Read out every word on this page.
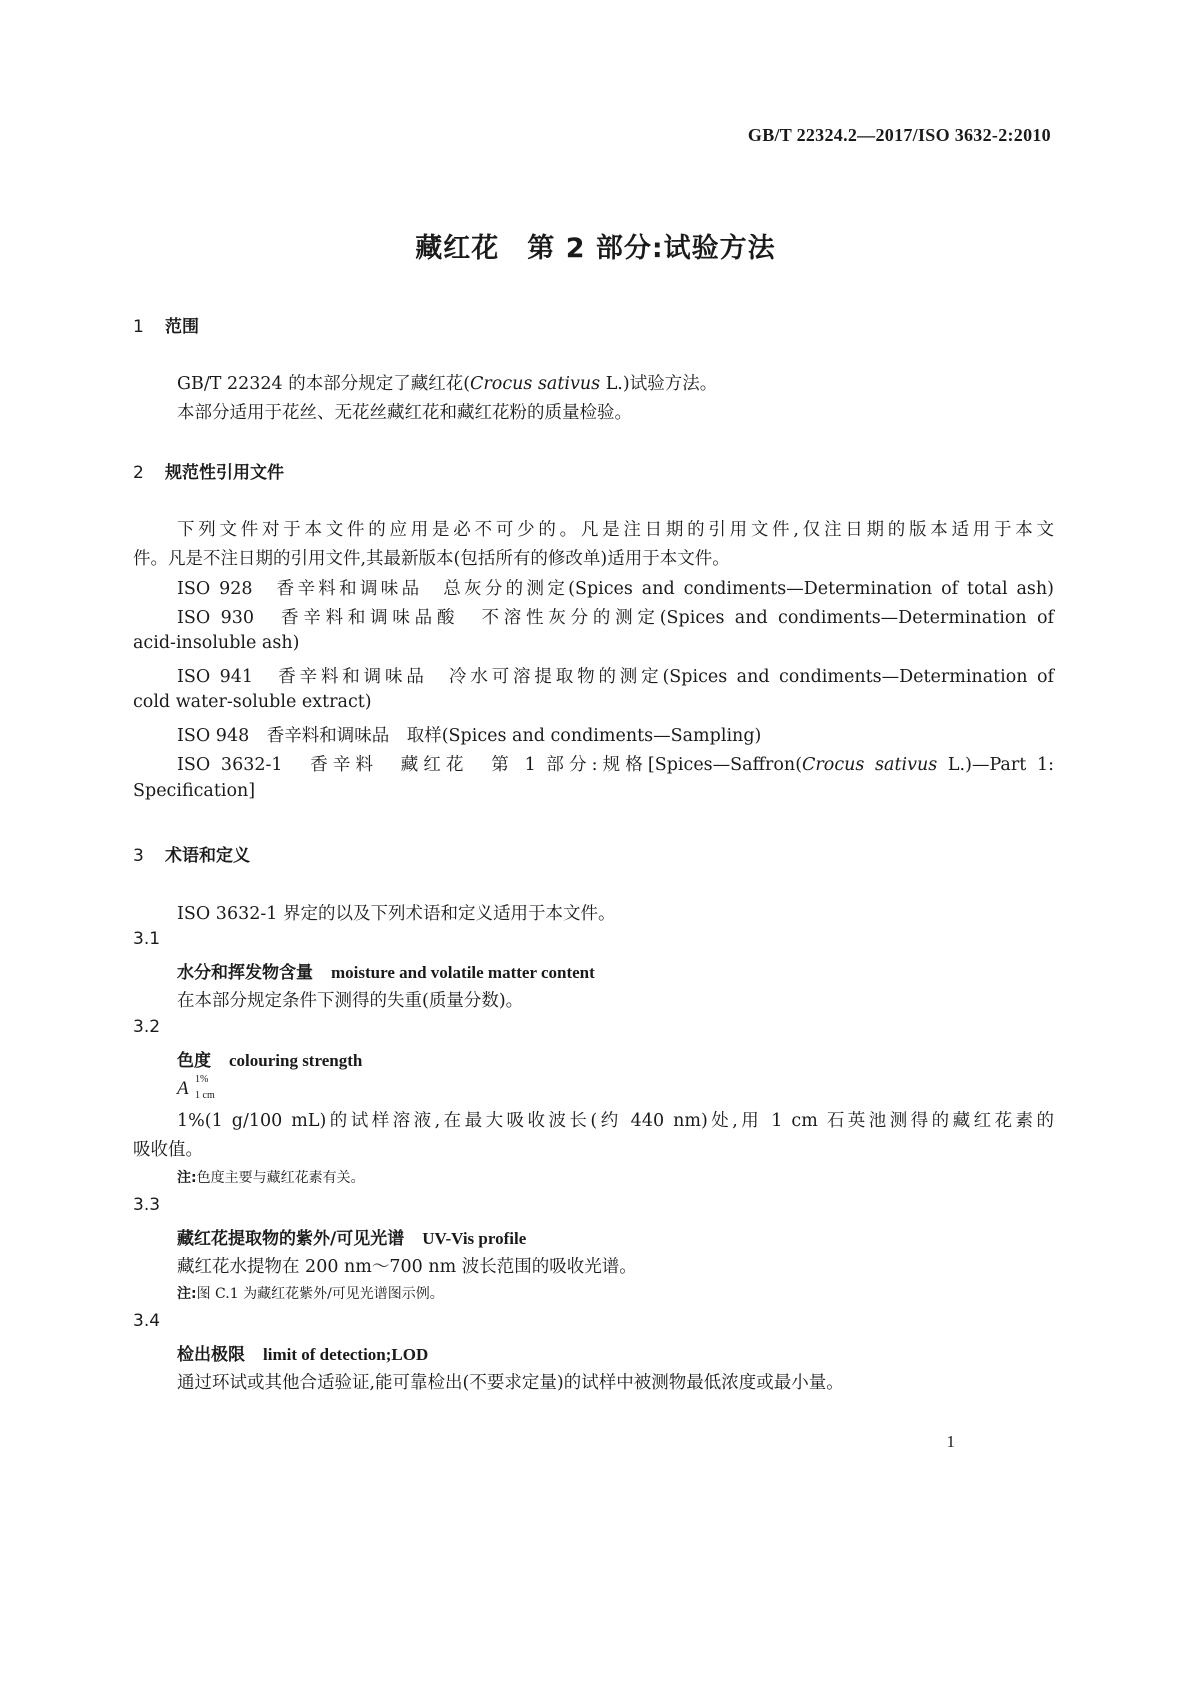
GB/T 22324.2—2017/ISO 3632-2:2010
藏红花　第 2 部分:试验方法
1 范围
GB/T 22324 的本部分规定了藏红花(Crocus sativus L.)试验方法。
本部分适用于花丝、无花丝藏红花和藏红花粉的质量检验。
2 规范性引用文件
下列文件对于本文件的应用是必不可少的。凡是注日期的引用文件,仅注日期的版本适用于本文
件。凡是不注日期的引用文件,其最新版本(包括所有的修改单)适用于本文件。
ISO 928　香辛料和调味品　总灰分的测定(Spices and condiments—Determination of total ash)
ISO 930　香辛料和调味品酸　不溶性灰分的测定(Spices and condiments—Determination of
acid-insoluble ash)
ISO 941　香辛料和调味品　冷水可溶提取物的测定(Spices and condiments—Determination of
cold water-soluble extract)
ISO 948　香辛料和调味品　取样(Spices and condiments—Sampling)
ISO 3632-1　香辛料　藏红花　第 1 部分:规格[Spices—Saffron(Crocus sativus L.)—Part 1:
Specification]
3 术语和定义
ISO 3632-1 界定的以及下列术语和定义适用于本文件。
3.1
水分和挥发物含量 moisture and volatile matter content
在本部分规定条件下测得的失重(质量分数)。
3.2
色度 colouring strength
A 1%
1 cm
1%(1 g/100 mL)的试样溶液,在最大吸收波长(约 440 nm)处,用 1 cm 石英池测得的藏红花素的
吸收值。
注:色度主要与藏红花素有关。
3.3
藏红花提取物的紫外/可见光谱 UV-Vis profile
藏红花水提物在 200 nm～700 nm 波长范围的吸收光谱。
注:图 C.1 为藏红花紫外/可见光谱图示例。
3.4
检出极限 limit of detection;LOD
通过环试或其他合适验证,能可靠检出(不要求定量)的试样中被测物最低浓度或最小量。
1
